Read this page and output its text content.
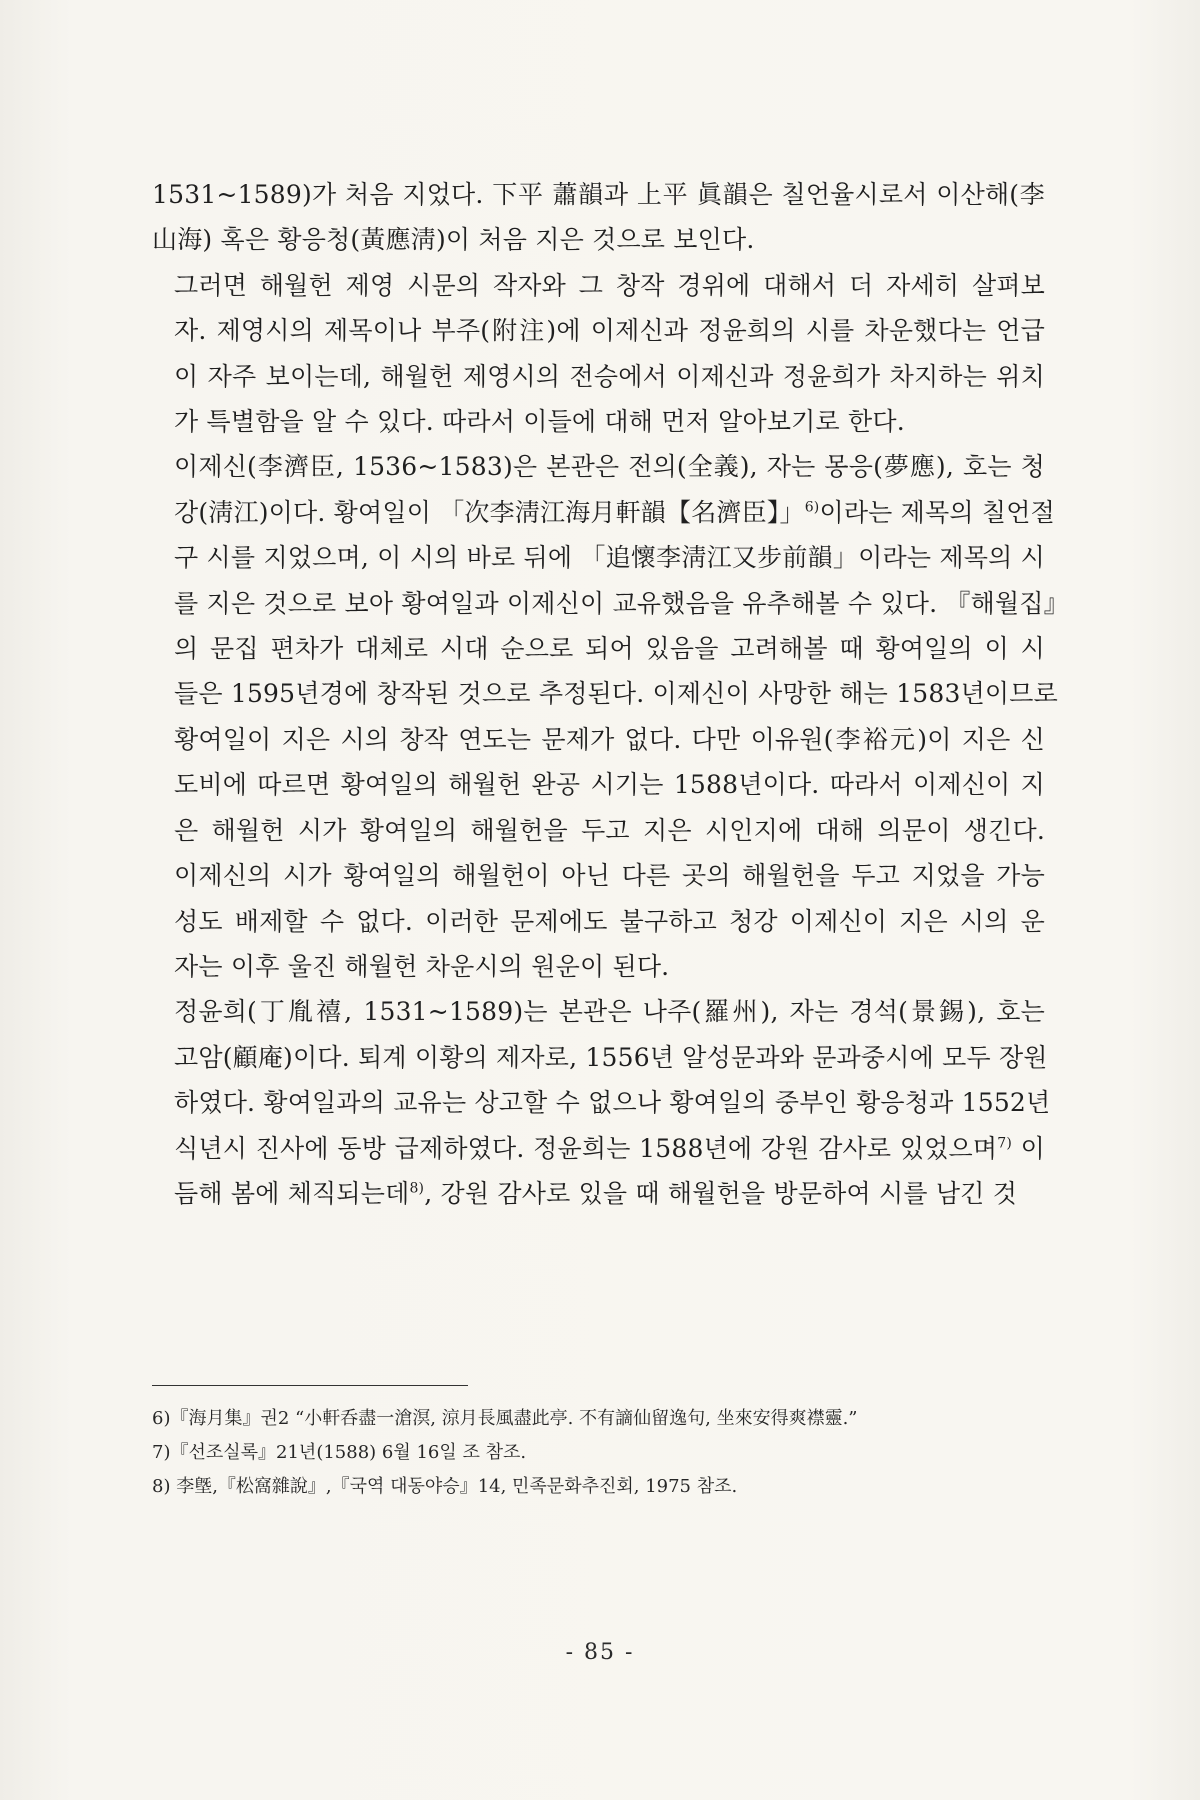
1531~1589)가 처음 지었다. 下平 蕭韻과 上平 眞韻은 칠언율시로서 이산해(李
山海) 혹은 황응청(黃應淸)이 처음 지은 것으로 보인다.

그러면 해월헌 제영 시문의 작자와 그 창작 경위에 대해서 더 자세히 살펴보
자. 제영시의 제목이나 부주(附注)에 이제신과 정윤희의 시를 차운했다는 언급
이 자주 보이는데, 해월헌 제영시의 전승에서 이제신과 정윤희가 차지하는 위치
가 특별함을 알 수 있다. 따라서 이들에 대해 먼저 알아보기로 한다.

이제신(李濟臣, 1536~1583)은 본관은 전의(全義), 자는 몽응(夢應), 호는 청
강(淸江)이다. 황여일이 「次李淸江海月軒韻【名濟臣】」$^{6)}$이라는 제목의 칠언절
구 시를 지었으며, 이 시의 바로 뒤에 「追懷李淸江又步前韻」이라는 제목의 시
를 지은 것으로 보아 황여일과 이제신이 교유했음을 유추해볼 수 있다. 『해월집』
의 문집 편차가 대체로 시대 순으로 되어 있음을 고려해볼 때 황여일의 이 시
들은 1595년경에 창작된 것으로 추정된다. 이제신이 사망한 해는 1583년이므로
황여일이 지은 시의 창작 연도는 문제가 없다. 다만 이유원(李裕元)이 지은 신
도비에 따르면 황여일의 해월헌 완공 시기는 1588년이다. 따라서 이제신이 지
은 해월헌 시가 황여일의 해월헌을 두고 지은 시인지에 대해 의문이 생긴다.
이제신의 시가 황여일의 해월헌이 아닌 다른 곳의 해월헌을 두고 지었을 가능
성도 배제할 수 없다. 이러한 문제에도 불구하고 청강 이제신이 지은 시의 운
자는 이후 울진 해월헌 차운시의 원운이 된다.

정윤희(丁胤禧, 1531~1589)는 본관은 나주(羅州), 자는 경석(景錫), 호는
고암(顧庵)이다. 퇴계 이황의 제자로, 1556년 알성문과와 문과중시에 모두 장원
하였다. 황여일과의 교유는 상고할 수 없으나 황여일의 중부인 황응청과 1552년
식년시 진사에 동방 급제하였다. 정윤희는 1588년에 강원 감사로 있었으며$^{7)}$ 이
듬해 봄에 체직되는데$^{8)}$, 강원 감사로 있을 때 해월헌을 방문하여 시를 남긴 것

6)『海月集』권2 “小軒呑盡一滄溟, 涼月長風盡此亭. 不有謫仙留逸句, 坐來安得爽襟靈.”
7)『선조실록』21년(1588) 6월 16일 조 참조.
8) 李墍,『松窩雜說』,『국역 대동야승』14, 민족문화추진회, 1975 참조.
- 85 -
